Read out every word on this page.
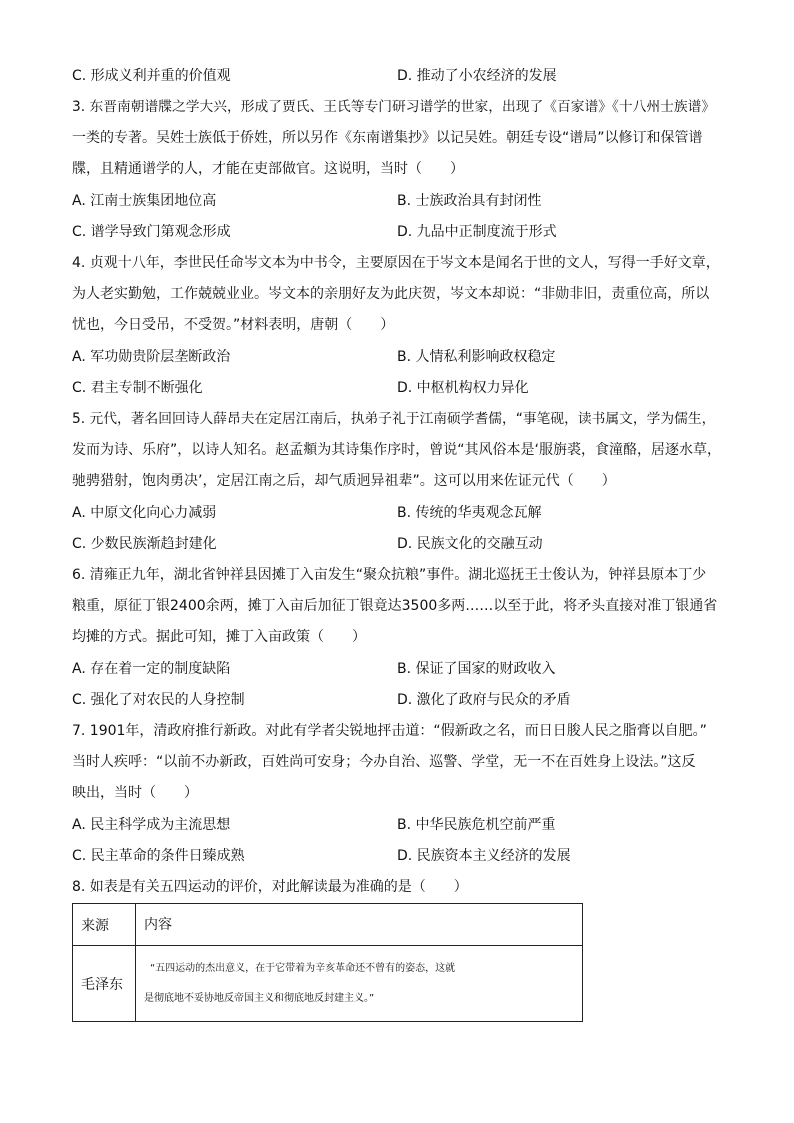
C. 形成义利并重的价值观	D. 推动了小农经济的发展
3. 东晋南朝谱牒之学大兴，形成了贾氏、王氏等专门研习谱学的世家，出现了《百家谱》《十八州士族谱》
一类的专著。吴姓士族低于侨姓，所以另作《东南谱集抄》以记吴姓。朝廷专设“谱局”以修订和保管谱
牒，且精通谱学的人，才能在吏部做官。这说明，当时（　　）
A. 江南士族集团地位高	B. 士族政治具有封闭性
C. 谱学导致门第观念形成	D. 九品中正制度流于形式
4. 贞观十八年，李世民任命岑文本为中书令，主要原因在于岑文本是闻名于世的文人，写得一手好文章，
为人老实勤勉，工作兢兢业业。岑文本的亲朋好友为此庆贺，岑文本却说：“非勋非旧，责重位高，所以
忧也，今日受吊，不受贺。”材料表明，唐朝（　　）
A. 军功勋贵阶层垄断政治	B. 人情私利影响政权稳定
C. 君主专制不断强化	D. 中枢机构权力异化
5. 元代，著名回回诗人薛昂夫在定居江南后，执弟子礼于江南硕学耆儒，“事笔砚，读书属文，学为儒生，
发而为诗、乐府”，以诗人知名。赵孟頫为其诗集作序时，曾说“其风俗本是‘服旃裘，食潼酪，居逐水草，
驰骋猎射，饱肉勇决’，定居江南之后，却气质迥异祖辈”。这可以用来佐证元代（　　）
A. 中原文化向心力减弱	B. 传统的华夷观念瓦解
C. 少数民族渐趋封建化	D. 民族文化的交融互动
6. 清雍正九年，湖北省钟祥县因摊丁入亩发生“聚众抗粮”事件。湖北巡抚王士俊认为，钟祥县原本丁少
粮重，原征丁银2400余两，摊丁入亩后加征丁银竟达3500多两……以至于此，将矛头直接对准丁银通省
均摊的方式。据此可知，摊丁入亩政策（　　）
A. 存在着一定的制度缺陷	B. 保证了国家的财政收入
C. 强化了对农民的人身控制	D. 激化了政府与民众的矛盾
7. 1901年，清政府推行新政。对此有学者尖锐地抨击道：“假新政之名，而日日朘人民之脂膏以自肥。”
当时人疾呼：“以前不办新政，百姓尚可安身；今办自治、巡警、学堂，无一不在百姓身上设法。”这反
映出，当时（　　）
A. 民主科学成为主流思想	B. 中华民族危机空前严重
C. 民主革命的条件日臻成熟	D. 民族资本主义经济的发展
8. 如表是有关五四运动的评价，对此解读最为准确的是（　　）
来源	内容
毛泽东	“五四运动的杰出意义，在于它带着为辛亥革命还不曾有的姿态，这就
是彻底地不妥协地反帝国主义和彻底地反封建主义。”
